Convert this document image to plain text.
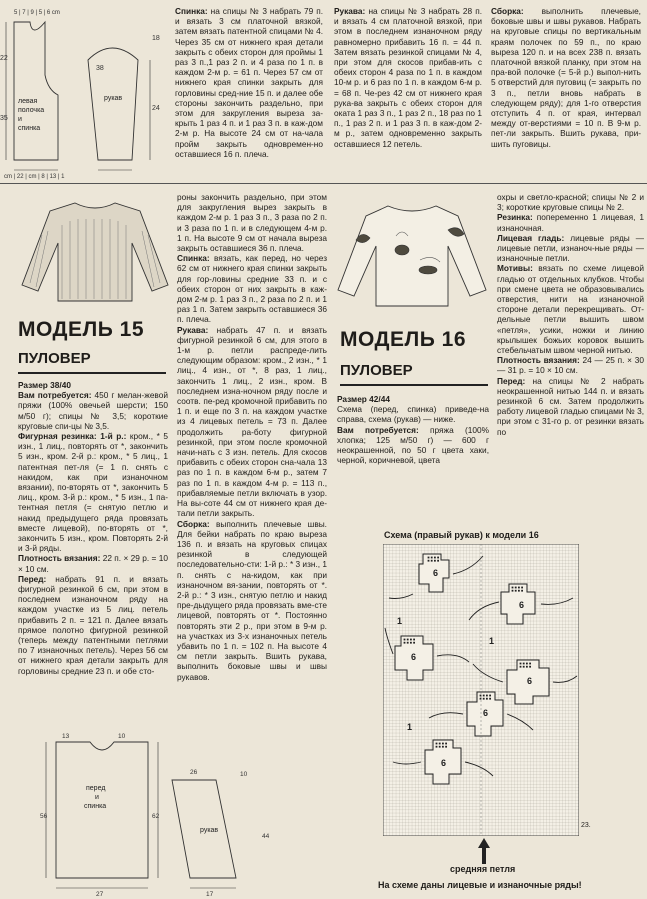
5 | 7 | 9 | 5 | 6 cm
cm | 22 | cm | 8 | 13 | 1
левая
полочка
и
спинка
рукав
38
22
35
18
24

Спинка: на спицы № 3 набрать 79 п. и вязать 3 см платочной вязкой, затем вязать патентной спицами № 4. Через 35 см от нижнего края детали закрыть с обеих сторон для проймы 1 раз 3 п.,1 раз 2 п. и 4 раза по 1 п. в каждом 2-м р. = 61 п. Через 57 см от нижнего края спинки закрыть для горловины сред-ние 15 п. и далее обе стороны закончить раздельно, при этом для закругления выреза за-крыть 1 раз 4 п. и 1 раз 3 п. в каж-дом 2-м р. На высоте 24 см от на-чала пройм закрыть одновремен-но оставшиеся 16 п. плеча.

Рукава: на спицы № 3 набрать 28 п. и вязать 4 см платочной вязкой, при этом в последнем изнаночном ряду равномерно прибавить 16 п. = 44 п. Затем вязать резинкой спицами № 4, при этом для скосов прибав-ить с обеих сторон 4 раза по 1 п. в каждом 10-м р. и 6 раз по 1 п. в каждом 6-м р. = 68 п. Че-рез 42 см от нижнего края рука-ва закрыть с обеих сторон для оката 1 раз 3 п., 1 раз 2 п., 18 раз по 1 п., 1 раз 2 п. и 1 раз 3 п. в каж-дом 2-м р., затем одновременно закрыть оставшиеся 12 петель.

Сборка: выполнить плечевые, боковые швы и швы рукавов. Набрать на круговые спицы по вертикальным краям полочек по 59 п., по краю выреза 120 п. и на всех 238 п. вязать платочной вязкой планку, при этом на пра-вой полочке (= 5-й р.) выпол-нить 5 отверстий для пуговиц (= закрыть по 3 п., петли вновь набрать в следующем ряду); для 1-го отверстия отступить 4 п. от края, интервал между от-верстиями = 10 п. В 9-м р. пет-ли закрыть. Вшить рукава, при-шить пуговицы.

МОДЕЛЬ 15
ПУЛОВЕР

Размер 38/40

Вам потребуется: 450 г мелан-жевой пряжи (100% овечьей шерсти; 150 м/50 г); спицы № 3,5; короткие круговые спи-цы № 3,5.

Фигурная резинка: 1-й р.: кром., * 5 изн., 1 лиц., повторять от *, закончить 5 изн., кром. 2-й р.: кром., * 5 лиц., 1 патентная пет-ля (= 1 п. снять с накидом, как при изнаночном вязании), по-вторять от *, закончить 5 лиц., кром. 3-й р.: кром., * 5 изн., 1 па-тентная петля (= снятую петлю и накид предыдущего ряда провязать вместе лицевой), по-вторять от *, закончить 5 изн., кром. Повторять 2-й и 3-й ряды.

Плотность вязания: 22 п. × 29 р. = 10 × 10 см.

Перед: набрать 91 п. и вязать фигурной резинкой 6 см, при этом в последнем изнаночном ряду на каждом участке из 5 лиц. петель прибавить 2 п. = 121 п. Далее вязать прямое полотно фигурной резинкой (теперь между патентными петлями по 7 изнаночных петель). Через 56 см от нижнего края детали закрыть для горловины средние 23 п. и обе сто-

роны закончить раздельно, при этом для закругления вырез закрыть в каждом 2-м р. 1 раз 3 п., 3 раза по 2 п. и 3 раза по 1 п. и в следующем 4-м р. 1 п. На высоте 9 см от начала выреза закрыть оставшиеся 36 п. плеча.

Спинка: вязать, как перед, но через 62 см от нижнего края спинки закрыть для гор-ловины средние 33 п. и с обеих сторон от них закрыть в каж-дом 2-м р. 1 раз 3 п., 2 раза по 2 п. и 1 раз 1 п. Затем закрыть оставшиеся 36 п. плеча.

Рукава: набрать 47 п. и вязать фигурной резинкой 6 см, для этого в 1-м р. петли распреде-лить следующим образом: кром., 2 изн., * 1 лиц., 4 изн., от *, 8 раз, 1 лиц., закончить 1 лиц., 2 изн., кром. В последнем изна-ночном ряду после и соотв. пе-ред кромочной прибавить по 1 п. и еще по 3 п. на каждом участке из 4 лицевых петель = 73 п. Далее продолжить ра-боту фигурной резинкой, при этом после кромочной начи-нать с 3 изн. петель. Для скосов прибавить с обеих сторон сна-чала 13 раз по 1 п. в каждом 6-м р., затем 7 раз по 1 п. в каждом 4-м р. = 113 п., прибавляемые петли включать в узор. На вы-соте 44 см от нижнего края де-тали петли закрыть.

Сборка: выполнить плечевые швы. Для бейки набрать по краю выреза 136 п. и вязать на круговых спицах резинкой в следующей последовательно-сти: 1-й р.: * 3 изн., 1 п. снять с на-кидом, как при изнаночном вя-зании, повторять от *. 2-й р.: * 3 изн., снятую петлю и накид пре-дыдущего ряда провязать вме-сте лицевой, повторять от *. Постоянно повторять эти 2 р., при этом в 9-м р. на участках из 3-х изнаночных петель убавить по 1 п. = 102 п. На высоте 4 см петли закрыть. Вшить рукава, выполнить боковые швы и швы рукавов.

перед
и
спинка
рукав
13	10
56	62
27
10
17
26
44
МОДЕЛЬ 16
ПУЛОВЕР

Размер 42/44

Схема (перед, спинка) приведе-на справа, схема (рукав) — ниже.

Вам потребуется: пряжа (100% хлопка; 125 м/50 г) — 600 г неокрашенной, по 50 г цвета хаки, черной, коричневой, цвета

охры и светло-красной; спицы № 2 и 3; короткие круговые спицы № 2.

Резинка: попеременно 1 лицевая, 1 изнаночная.

Лицевая гладь: лицевые ряды — лицевые петли, изнаноч-ные ряды — изнаночные петли.

Мотивы: вязать по схеме лицевой гладью от отдельных клубков. Чтобы при смене цвета не образовывались отверстия, нити на изнаночной стороне детали перекрещивать. От-дельные петли вышить швом «петля», усики, ножки и линию крылышек божьих коровок вышить стебельчатым швом черной нитью.

Плотность вязания: 24 — 25 п. × 30 — 31 р. = 10 × 10 см.

Перед: на спицы № 2 набрать неокрашенной нитью 144 п. и вязать резинкой 6 см. Затем продолжить работу лицевой гладью спицами № 3, при этом с 31-го р. от резинки вязать по

Схема (правый рукав) к модели 16
6
6
6
6
6
6
1
1
1
23.
средняя петля
На схеме даны лицевые и изнаночные ряды!
